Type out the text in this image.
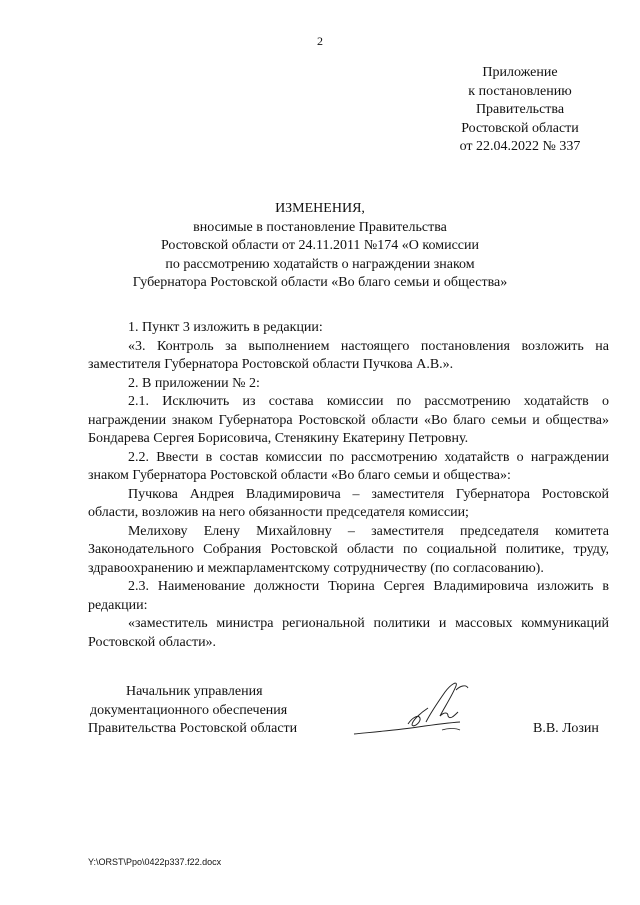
2
Приложение
к постановлению
Правительства
Ростовской области
от 22.04.2022 № 337
ИЗМЕНЕНИЯ,
вносимые в постановление Правительства
Ростовской области от 24.11.2011 №174 «О комиссии
по рассмотрению ходатайств о награждении знаком
Губернатора Ростовской области «Во благо семьи и общества»

1. Пункт 3 изложить в редакции:

«3. Контроль за выполнением настоящего постановления возложить на заместителя Губернатора Ростовской области Пучкова А.В.».

2. В приложении № 2:

2.1. Исключить из состава комиссии по рассмотрению ходатайств о награждении знаком Губернатора Ростовской области «Во благо семьи и общества» Бондарева Сергея Борисовича, Стенякину Екатерину Петровну.

2.2. Ввести в состав комиссии по рассмотрению ходатайств о награждении знаком Губернатора Ростовской области «Во благо семьи и общества»:

Пучкова Андрея Владимировича – заместителя Губернатора Ростовской области, возложив на него обязанности председателя комиссии;

Мелихову Елену Михайловну – заместителя председателя комитета Законодательного Собрания Ростовской области по социальной политике, труду, здравоохранению и межпарламентскому сотрудничеству (по согласованию).

2.3. Наименование должности Тюрина Сергея Владимировича изложить в редакции:

«заместитель министра региональной политики и массовых коммуникаций Ростовской области».

Начальник управления
документационного обеспечения
Правительства Ростовской области	В.В. Лозин
Y:\ORST\Ppo\0422p337.f22.docx
